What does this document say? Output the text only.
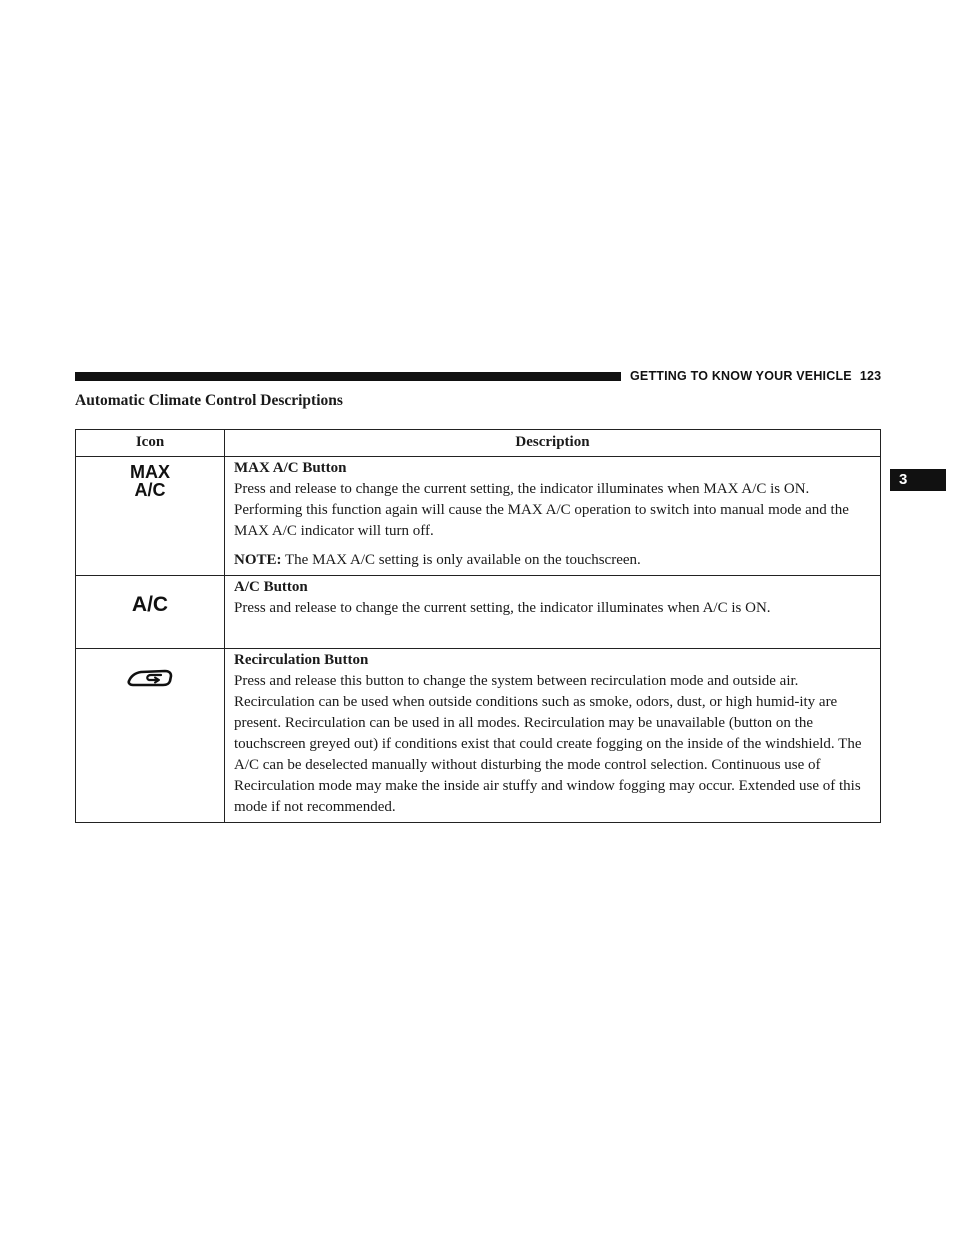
GETTING TO KNOW YOUR VEHICLE 123
3
Automatic Climate Control Descriptions
Icon	Description
MAX
A/C	MAX A/C Button
Press and release to change the current setting, the indicator illuminates when MAX A/C is ON. Performing this function again will cause the MAX A/C operation to switch into manual mode and the MAX A/C indicator will turn off.
NOTE: The MAX A/C setting is only available on the touchscreen.

A/C	A/C Button
Press and release to change the current setting, the indicator illuminates when A/C is ON.

Recirculation Button
Press and release this button to change the system between recirculation mode and outside air. Recirculation can be used when outside conditions such as smoke, odors, dust, or high humid-ity are present. Recirculation can be used in all modes. Recirculation may be unavailable (button on the touchscreen greyed out) if conditions exist that could create fogging on the inside of the windshield. The A/C can be deselected manually without disturbing the mode control selection. Continuous use of Recirculation mode may make the inside air stuffy and window fogging may occur. Extended use of this mode if not recommended.
